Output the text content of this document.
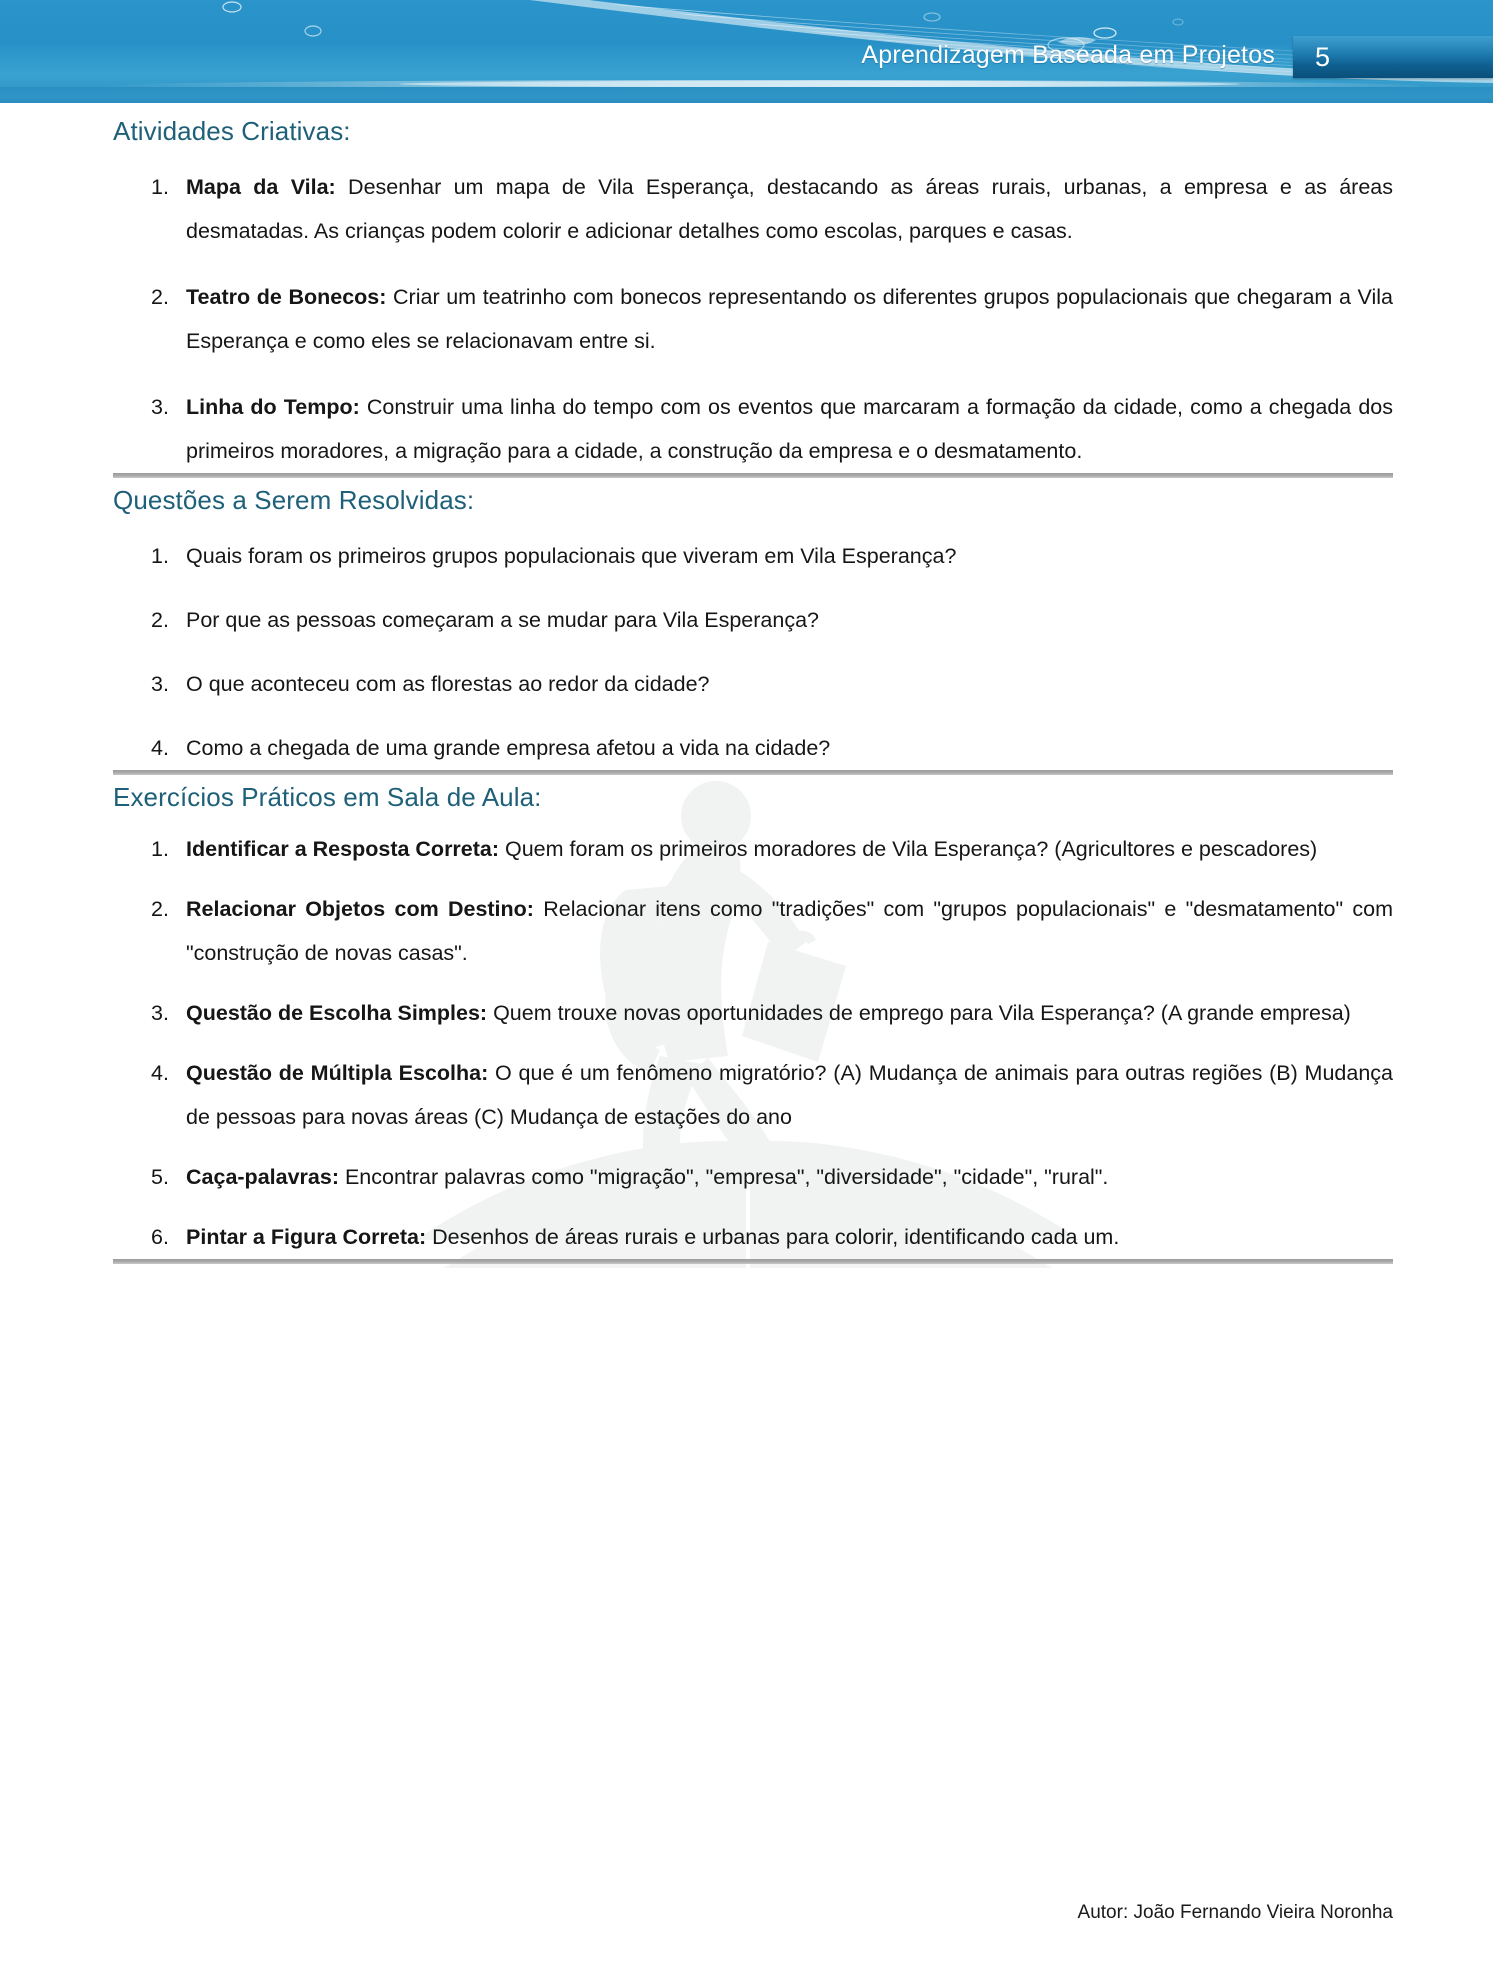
Aprendizagem Baseada em Projetos 5
Atividades Criativas:

Mapa da Vila: Desenhar um mapa de Vila Esperança, destacando as áreas rurais, urbanas, a empresa e as áreas desmatadas. As crianças podem colorir e adicionar detalhes como escolas, parques e casas.

Teatro de Bonecos: Criar um teatrinho com bonecos representando os diferentes grupos populacionais que chegaram a Vila Esperança e como eles se relacionavam entre si.

Linha do Tempo: Construir uma linha do tempo com os eventos que marcaram a formação da cidade, como a chegada dos primeiros moradores, a migração para a cidade, a construção da empresa e o desmatamento.

Questões a Serem Resolvidas:

Quais foram os primeiros grupos populacionais que viveram em Vila Esperança?

Por que as pessoas começaram a se mudar para Vila Esperança?

O que aconteceu com as florestas ao redor da cidade?

Como a chegada de uma grande empresa afetou a vida na cidade?

Exercícios Práticos em Sala de Aula:

Identificar a Resposta Correta: Quem foram os primeiros moradores de Vila Esperança? (Agricultores e pescadores)

Relacionar Objetos com Destino: Relacionar itens como "tradições" com "grupos populacionais" e "desmatamento" com "construção de novas casas".

Questão de Escolha Simples: Quem trouxe novas oportunidades de emprego para Vila Esperança? (A grande empresa)

Questão de Múltipla Escolha: O que é um fenômeno migratório? (A) Mudança de animais para outras regiões (B) Mudança de pessoas para novas áreas (C) Mudança de estações do ano

Caça-palavras: Encontrar palavras como "migração", "empresa", "diversidade", "cidade", "rural".

Pintar a Figura Correta: Desenhos de áreas rurais e urbanas para colorir, identificando cada um.

Autor: João Fernando Vieira Noronha
